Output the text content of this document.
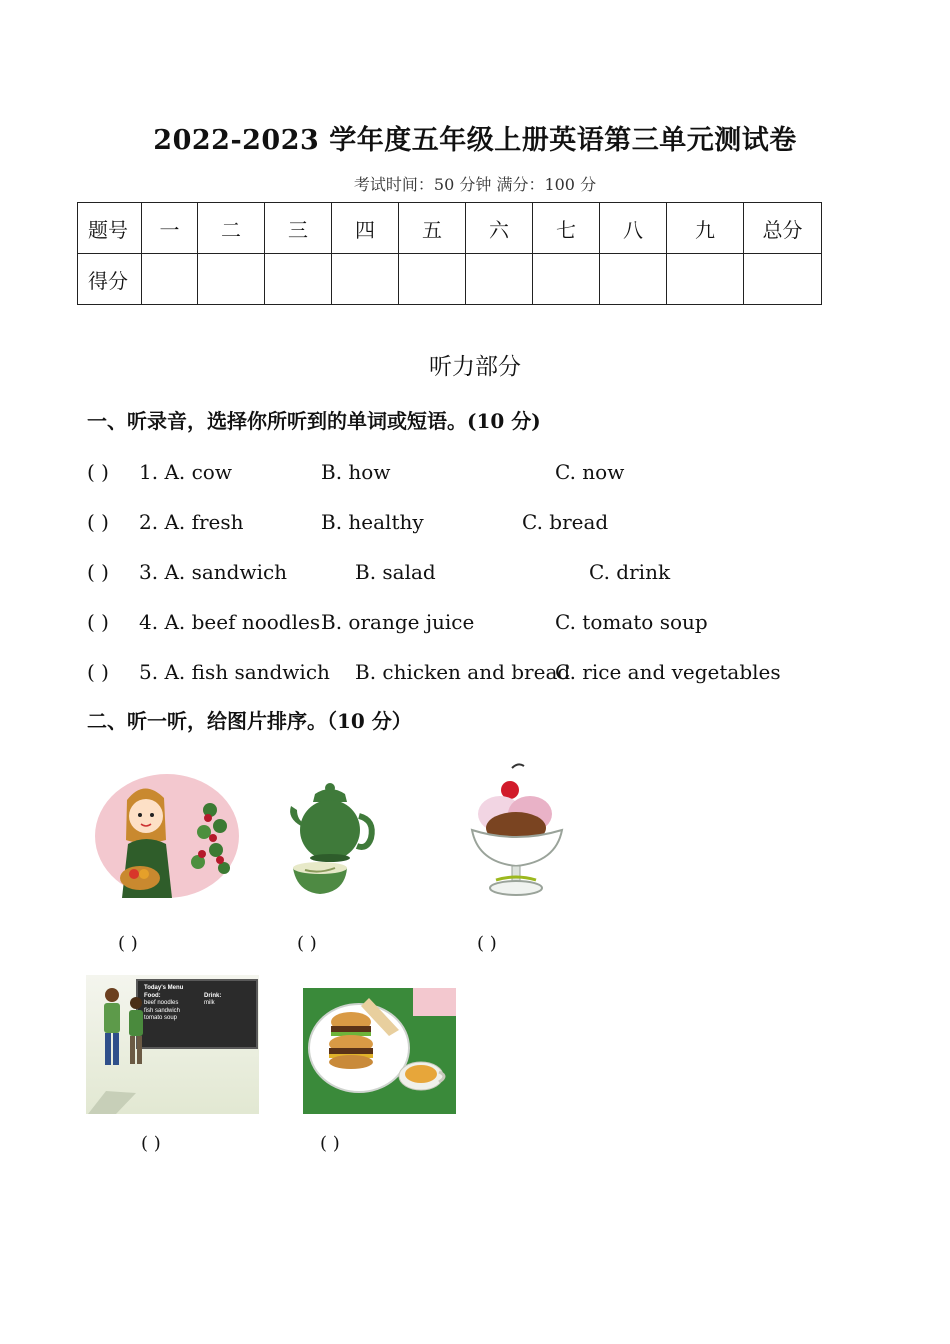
2022-2023 学年度五年级上册英语第三单元测试卷
考试时间：50 分钟 满分：100 分
题号	一	二	三	四	五	六	七	八	九	总分
得分										
听力部分
一、听录音，选择你所听到的单词或短语。(10 分)
( ) 1. A. cow	B. how	C. now
( ) 2. A. fresh	B. healthy	C. bread
( ) 3. A. sandwich	B. salad	C. drink
( ) 4. A. beef noodles B. orange juice	C. tomato soup
( ) 5. A. fish sandwich B. chicken and bread
C. rice and vegetables
二、听一听，给图片排序。（10 分）
( )	( )	( )
Today's Menu
Food:
beef noodles
fish sandwich
tomato soup
Drink:
milk
( )	( )
